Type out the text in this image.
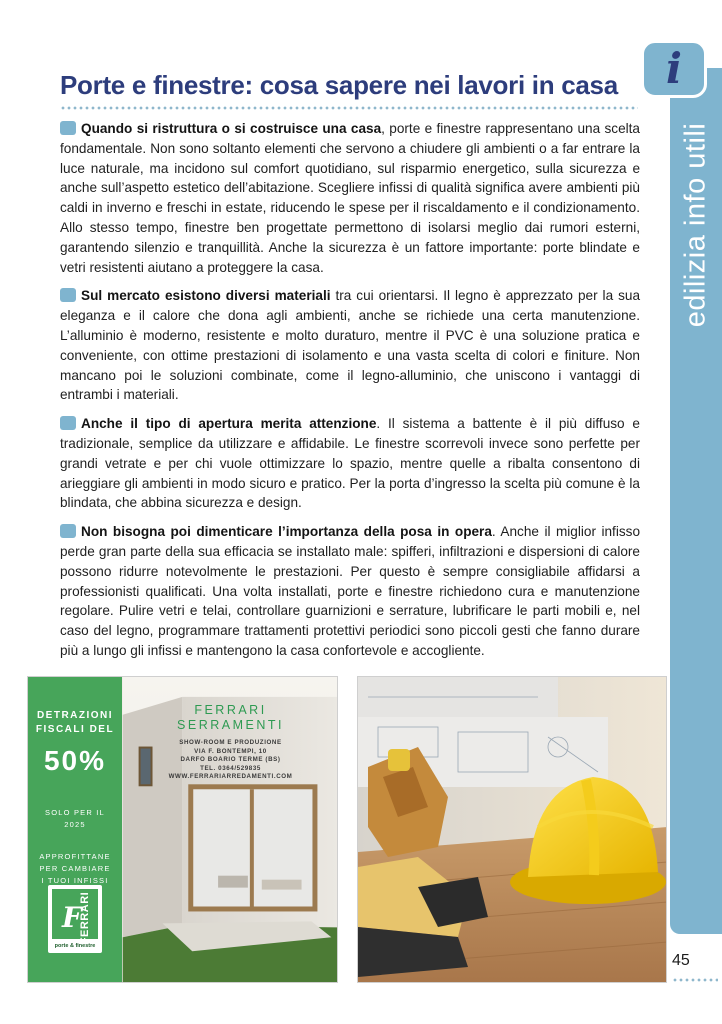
Porte e finestre: cosa sapere nei lavori in casa

Quando si ristruttura o si costruisce una casa, porte e finestre rappresentano una scelta fondamentale. Non sono soltanto elementi che servono a chiudere gli ambienti o a far entrare la luce naturale, ma incidono sul comfort quotidiano, sul risparmio energetico, sulla sicurezza e anche sull’aspetto estetico dell’abitazione. Scegliere infissi di qualità significa avere ambienti più caldi in inverno e freschi in estate, riducendo le spese per il riscaldamento e il condizionamento. Allo stesso tempo, finestre ben progettate permettono di isolarsi meglio dai rumori esterni, garantendo silenzio e tranquillità. Anche la sicurezza è un fattore importante: porte blindate e vetri resistenti aiutano a proteggere la casa.

Sul mercato esistono diversi materiali tra cui orientarsi. Il legno è apprezzato per la sua eleganza e il calore che dona agli ambienti, anche se richiede una certa manutenzione. L’alluminio è moderno, resistente e molto duraturo, mentre il PVC è una soluzione pratica e conveniente, con ottime prestazioni di isolamento e una vasta scelta di colori e finiture. Non mancano poi le soluzioni combinate, come il legno-alluminio, che uniscono i vantaggi di entrambi i materiali.

Anche il tipo di apertura merita attenzione. Il sistema a battente è il più diffuso e tradizionale, semplice da utilizzare e affidabile. Le finestre scorrevoli invece sono perfette per grandi vetrate e per chi vuole ottimizzare lo spazio, mentre quelle a ribalta consentono di arieggiare gli ambienti in modo sicuro e pratico. Per la porta d’ingresso la scelta più comune è la blindata, che abbina sicurezza e design.

Non bisogna poi dimenticare l’importanza della posa in opera. Anche il miglior infisso perde gran parte della sua efficacia se installato male: spifferi, infiltrazioni e dispersioni di calore possono ridurre notevolmente le prestazioni. Per questo è sempre consigliabile affidarsi a professionisti qualificati. Una volta installati, porte e finestre richiedono cura e manutenzione regolare. Pulire vetri e telai, controllare guarnizioni e serrature, lubrificare le parti mobili e, nel caso del legno, programmare trattamenti protettivi periodici sono piccoli gesti che fanno durare più a lungo gli infissi e mantengono la casa confortevole e accogliente.

i
edilizia info utili
45
DETRAZIONI
FISCALI DEL
50%
SOLO PER IL
2025
APPROFITTANE
PER CAMBIARE
I TUOI INFISSI
F
FERRARI
porte & finestre
FERRARI
SERRAMENTI
SHOW-ROOM E PRODUZIONE
VIA F. BONTEMPI, 10
DARFO BOARIO TERME (BS)
TEL. 0364/529835
WWW.FERRARIARREDAMENTI.COM
